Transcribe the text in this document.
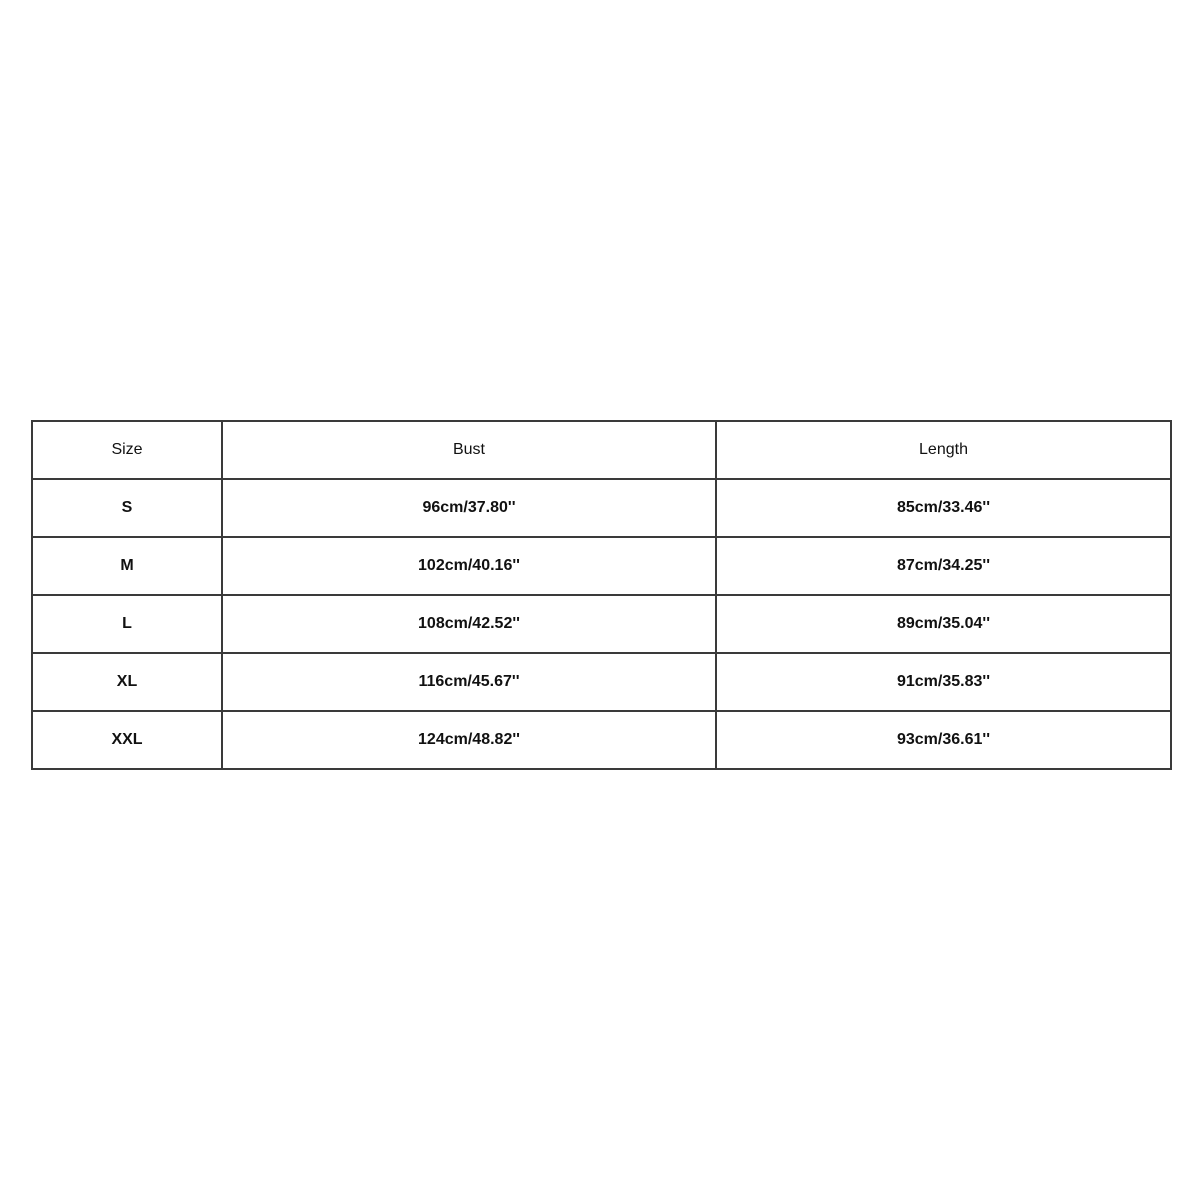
Size	Bust	Length
S	96cm/37.80''	85cm/33.46''
M	102cm/40.16''	87cm/34.25''
L	108cm/42.52''	89cm/35.04''
XL	116cm/45.67''	91cm/35.83''
XXL	124cm/48.82''	93cm/36.61''
